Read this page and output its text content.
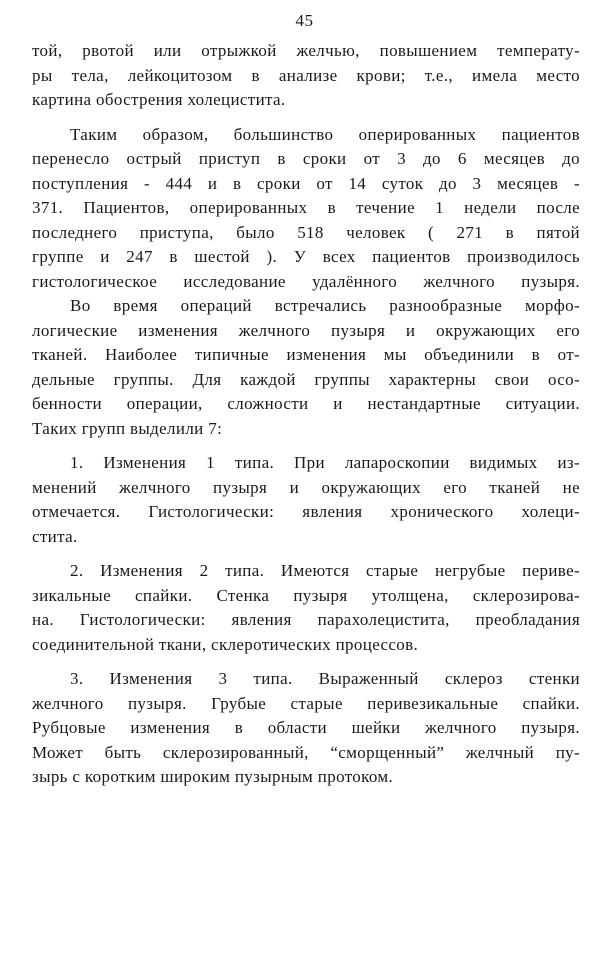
45
той, рвотой или отрыжкой желчью, повышением температу-
ры тела, лейкоцитозом в анализе крови; т.е., имела место
картина обострения холецистита.
Таким образом, большинство оперированных пациентов
перенесло острый приступ в сроки от 3 до 6 месяцев до
поступления - 444 и в сроки от 14 суток до 3 месяцев -
371. Пациентов, оперированных в течение 1 недели после
последнего приступа, было 518 человек ( 271 в пятой
группе и 247 в шестой ). У всех пациентов производилось
гистологическое исследование удалённого желчного пузыря.
Во время операций встречались разнообразные морфо-
логические изменения желчного пузыря и окружающих его
тканей. Наиболее типичные изменения мы объединили в от-
дельные группы. Для каждой группы характерны свои осо-
бенности операции, сложности и нестандартные ситуации.
Таких групп выделили 7:
1. Изменения 1 типа. При лапароскопии видимых из-
менений желчного пузыря и окружающих его тканей не
отмечается. Гистологически: явления хронического холеци-
стита.
2. Изменения 2 типа. Имеются старые негрубые периве-
зикальные спайки. Стенка пузыря утолщена, склерозирова-
на. Гистологически: явления парахолецистита, преобладания
соединительной ткани, склеротических процессов.
3. Изменения 3 типа. Выраженный склероз стенки
желчного пузыря. Грубые старые перивезикальные спайки.
Рубцовые изменения в области шейки желчного пузыря.
Может быть склерозированный, “сморщенный” желчный пу-
зырь с коротким широким пузырным протоком.
